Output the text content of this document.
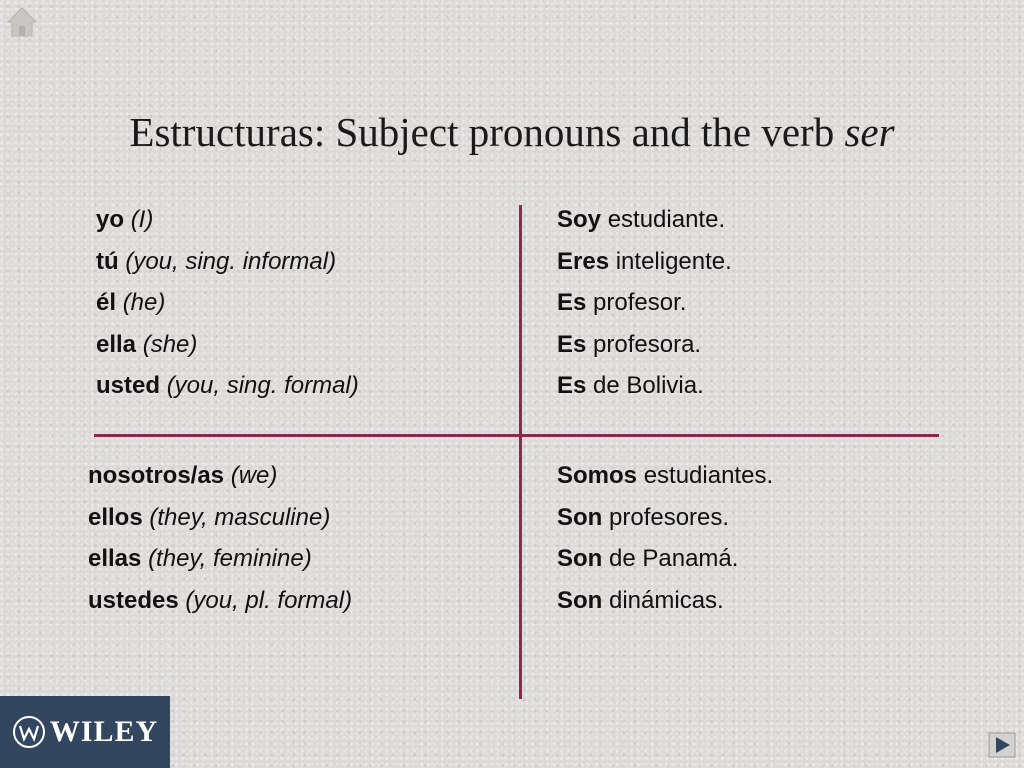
Estructuras: Subject pronouns and the verb ser
yo (I)
tú (you, sing. informal)
él (he)
ella (she)
usted (you, sing. formal)
Soy estudiante.
Eres inteligente.
Es profesor.
Es profesora.
Es de Bolivia.
nosotros/as (we)
ellos (they, masculine)
ellas (they, feminine)
ustedes (you, pl. formal)
Somos estudiantes.
Son profesores.
Son de Panamá.
Son dinámicas.
WILEY
